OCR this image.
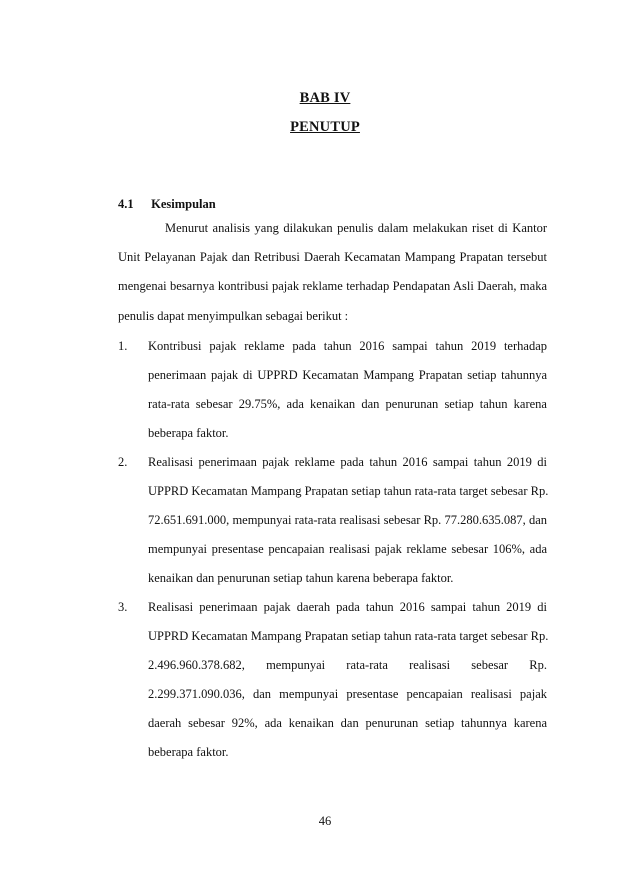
BAB IV
PENUTUP
4.1 Kesimpulan
Menurut analisis yang dilakukan penulis dalam melakukan riset di Kantor
Unit Pelayanan Pajak dan Retribusi Daerah Kecamatan Mampang Prapatan tersebut
mengenai besarnya kontribusi pajak reklame terhadap Pendapatan Asli Daerah, maka
penulis dapat menyimpulkan sebagai berikut :
1. Kontribusi pajak reklame pada tahun 2016 sampai tahun 2019 terhadap
penerimaan pajak di UPPRD Kecamatan Mampang Prapatan setiap tahunnya
rata-rata sebesar 29.75%, ada kenaikan dan penurunan setiap tahun karena
beberapa faktor.
2. Realisasi penerimaan pajak reklame pada tahun 2016 sampai tahun 2019 di
UPPRD Kecamatan Mampang Prapatan setiap tahun rata-rata target sebesar Rp.
72.651.691.000, mempunyai rata-rata realisasi sebesar Rp. 77.280.635.087, dan
mempunyai presentase pencapaian realisasi pajak reklame sebesar 106%, ada
kenaikan dan penurunan setiap tahun karena beberapa faktor.
3. Realisasi penerimaan pajak daerah pada tahun 2016 sampai tahun 2019 di
UPPRD Kecamatan Mampang Prapatan setiap tahun rata-rata target sebesar Rp.
2.496.960.378.682, mempunyai rata-rata realisasi sebesar Rp.
2.299.371.090.036, dan mempunyai presentase pencapaian realisasi pajak
daerah sebesar 92%, ada kenaikan dan penurunan setiap tahunnya karena
beberapa faktor.
46
